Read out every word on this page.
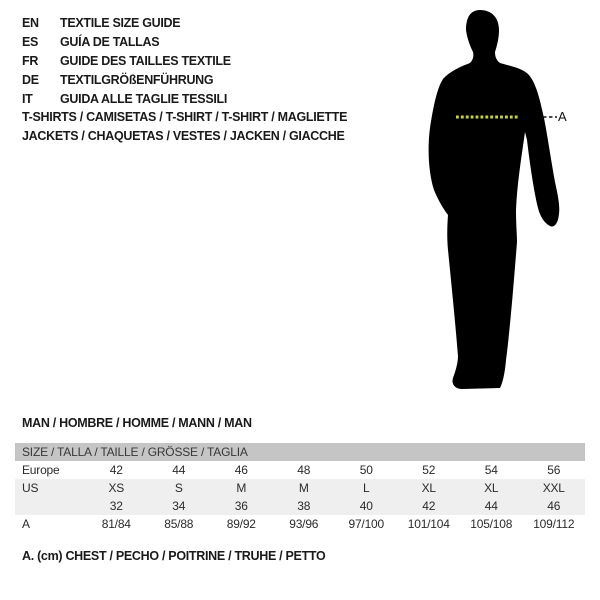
EN	TEXTILE SIZE GUIDE
ES	GUÍA DE TALLAS
FR	GUIDE DES TAILLES TEXTILE
DE	TEXTILGRÖßENFÜHRUNG
IT	GUIDA ALLE TAGLIE TESSILI
T-SHIRTS / CAMISETAS / T-SHIRT / T-SHIRT / MAGLIETTE
JACKETS / CHAQUETAS / VESTES / JACKEN / GIACCHE
A
MAN / HOMBRE / HOMME / MANN / MAN
SIZE / TALLA / TAILLE / GRÖSSE / TAGLIA								
Europe	42	44	46	48	50	52	54	56
US	XS	S	M	M	L	XL	XL	XXL
	32	34	36	38	40	42	44	46
A	81/84	85/88	89/92	93/96	97/100	101/104	105/108	109/112

A. (cm) CHEST / PECHO / POITRINE / TRUHE / PETTO
